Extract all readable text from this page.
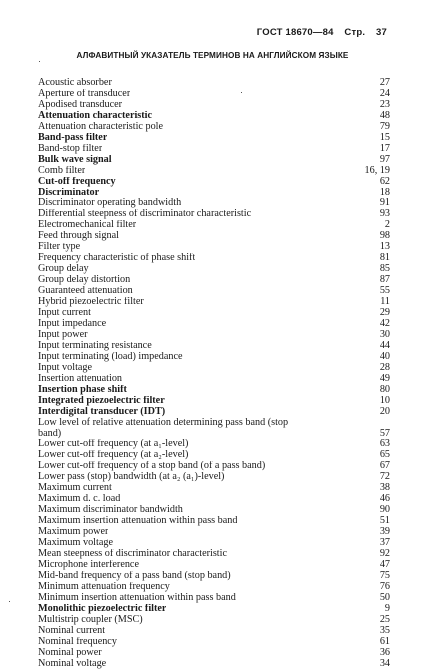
ГОСТ 18670—84 Стр. 37
АЛФАВИТНЫЙ УКАЗАТЕЛЬ ТЕРМИНОВ НА АНГЛИЙСКОМ ЯЗЫКЕ
Acoustic absorber	27
Aperture of transducer	24
Apodised transducer	23
Attenuation characteristic	48
Attenuation characteristic pole	79
Band-pass filter	15
Band-stop filter	17
Bulk wave signal	97
Comb filter	16, 19
Cut-off frequency	62
Discriminator	18
Discriminator operating bandwidth	91
Differential steepness of discriminator characteristic	93
Electromechanical filter	2
Feed through signal	98
Filter type	13
Frequency characteristic of phase shift	81
Group delay	85
Group delay distortion	87
Guaranteed attenuation	55
Hybrid piezoelectric filter	11
Input current	29
Input impedance	42
Input power	30
Input terminating resistance	44
Input terminating (load) impedance	40
Input voltage	28
Insertion attenuation	49
Insertion phase shift	80
Integrated piezoelectric filter	10
Interdigital transducer (IDT)	20
Low level of relative attenuation determining pass band (stop
band)	57
Lower cut-off frequency (at a₁-level)	63
Lower cut-off frequency (at a₂-level)	65
Lower cut-off frequency of a stop band (of a pass band)	67
Lower pass (stop) bandwidth (at a₂ (a₁)-level)	72
Maximum current	38
Maximum d. c. load	46
Maximum discriminator bandwidth	90
Maximum insertion attenuation within pass band	51
Maximum power	39
Maximum voltage	37
Mean steepness of discriminator characteristic	92
Microphone interference	47
Mid-band frequency of a pass band (stop band)	75
Minimum attenuation frequency	76
Minimum insertion attenuation within pass band	50
Monolithic piezoelectric filter	9
Multistrip coupler (MSC)	25
Nominal current	35
Nominal frequency	61
Nominal power	36
Nominal voltage	34
